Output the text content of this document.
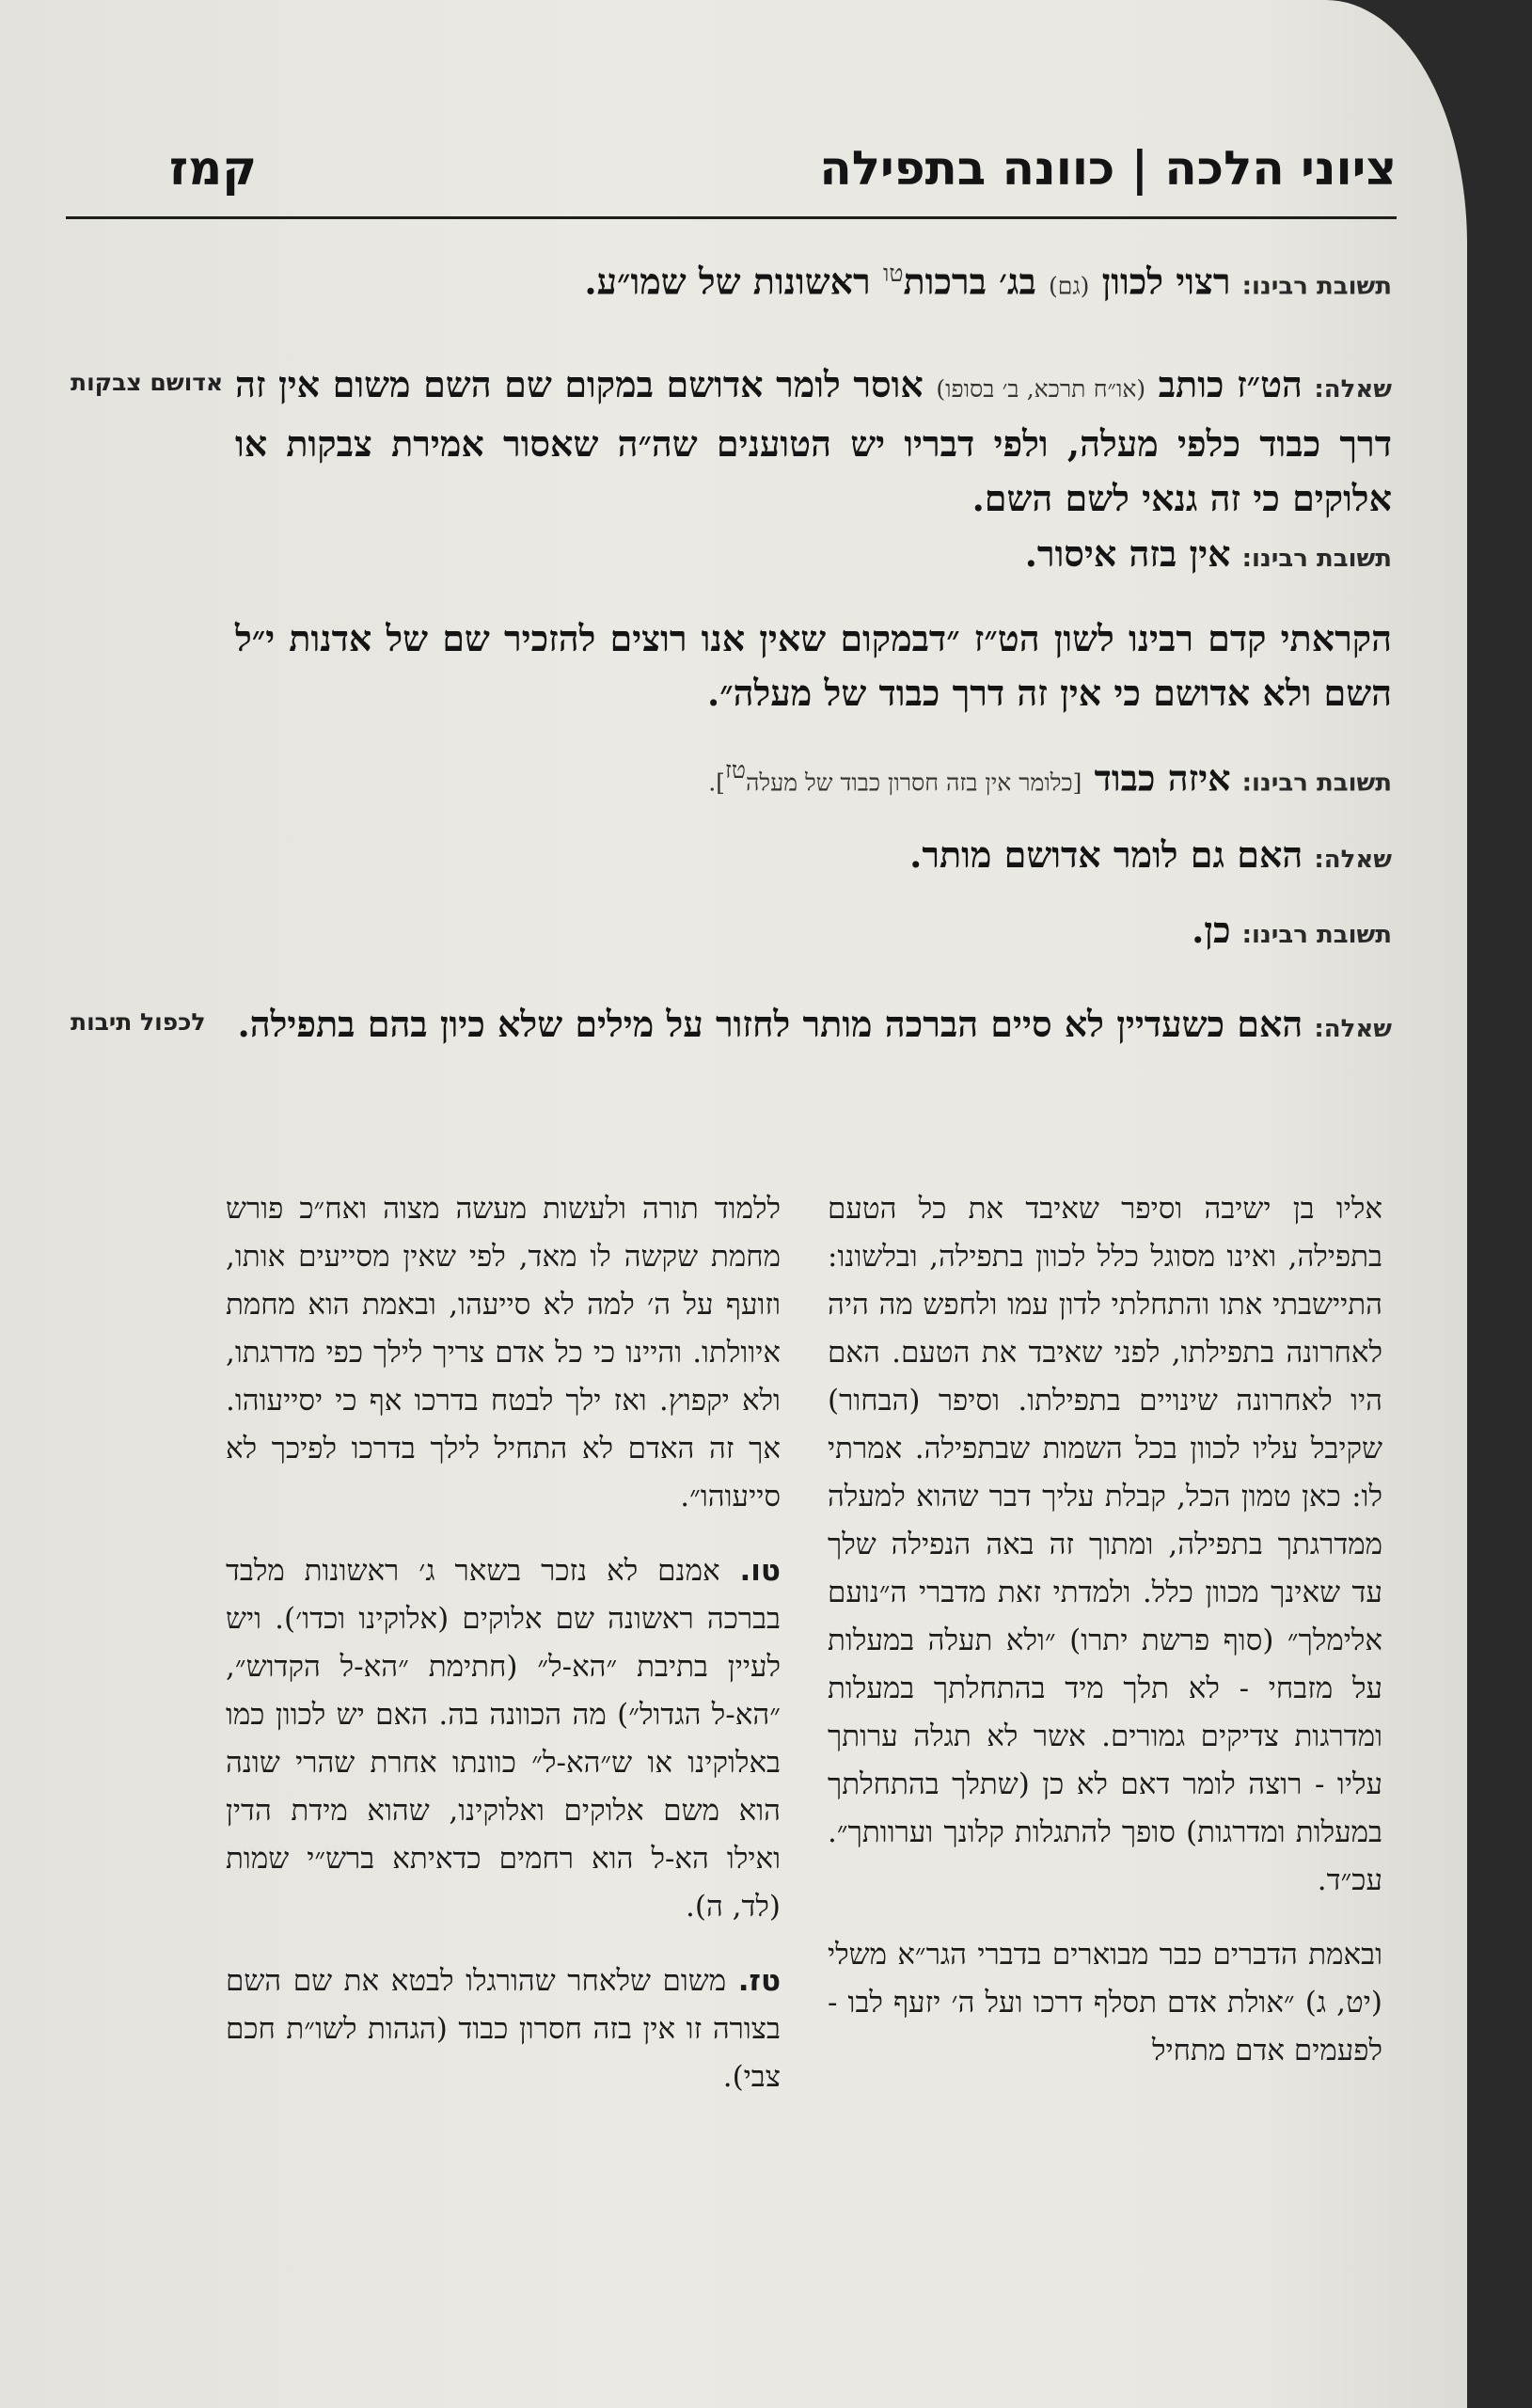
ציוני הלכה | כוונה בתפילה
קמז
תשובת רבינו: רצוי לכוון (גם) בג׳ ברכות$^{טו}$ ראשונות של שמו״ע.
שאלה: הט״ז כותב (או״ח תרכא, ב׳ בסופו) אוסר לומר אדושם במקום שם השם משום אין זה דרך כבוד כלפי מעלה, ולפי דבריו יש הטוענים שה״ה שאסור אמירת צבקות או אלוקים כי זה גנאי לשם השם.
אדושם צבקות
תשובת רבינו: אין בזה איסור.
הקראתי קדם רבינו לשון הט״ז ״דבמקום שאין אנו רוצים להזכיר שם של אדנות י״ל השם ולא אדושם כי אין זה דרך כבוד של מעלה״.
תשובת רבינו: איזה כבוד [כלומר אין בזה חסרון כבוד של מעלה$^{טז}$].
שאלה: האם גם לומר אדושם מותר.
תשובת רבינו: כן.
שאלה: האם כשעדיין לא סיים הברכה מותר לחזור על מילים שלא כיון בהם בתפילה.
לכפול תיבות

אליו בן ישיבה וסיפר שאיבד את כל הטעם בתפילה, ואינו מסוגל כלל לכוון בתפילה, ובלשונו: התיישבתי אתו והתחלתי לדון עמו ולחפש מה היה לאחרונה בתפילתו, לפני שאיבד את הטעם. האם היו לאחרונה שינויים בתפילתו. וסיפר (הבחור) שקיבל עליו לכוון בכל השמות שבתפילה. אמרתי לו: כאן טמון הכל, קבלת עליך דבר שהוא למעלה ממדרגתך בתפילה, ומתוך זה באה הנפילה שלך עד שאינך מכוון כלל. ולמדתי זאת מדברי ה״נועם אלימלך״ (סוף פרשת יתרו) ״ולא תעלה במעלות על מזבחי - לא תלך מיד בהתחלתך במעלות ומדרגות צדיקים גמורים. אשר לא תגלה ערותך עליו - רוצה לומר דאם לא כן (שתלך בהתחלתך במעלות ומדרגות) סופך להתגלות קלונך וערוותך״. עכ״ד.

ובאמת הדברים כבר מבוארים בדברי הגר״א משלי (יט, ג) ״אולת אדם תסלף דרכו ועל ה׳ יזעף לבו - לפעמים אדם מתחיל

ללמוד תורה ולעשות מעשה מצוה ואח״כ פורש מחמת שקשה לו מאד, לפי שאין מסייעים אותו, וזועף על ה׳ למה לא סייעהו, ובאמת הוא מחמת איוולתו. והיינו כי כל אדם צריך לילך כפי מדרגתו, ולא יקפוץ. ואז ילך לבטח בדרכו אף כי יסייעוהו. אך זה האדם לא התחיל לילך בדרכו לפיכך לא סייעוהו״.

טו. אמנם לא נזכר בשאר ג׳ ראשונות מלבד בברכה ראשונה שם אלוקים (אלוקינו וכדו׳). ויש לעיין בתיבת ״הא-ל״ (חתימת ״הא-ל הקדוש״, ״הא-ל הגדול״) מה הכוונה בה. האם יש לכוון כמו באלוקינו או ש״הא-ל״ כוונתו אחרת שהרי שונה הוא משם אלוקים ואלוקינו, שהוא מידת הדין ואילו הא-ל הוא רחמים כדאיתא ברש״י שמות (לד, ה).

טז. משום שלאחר שהורגלו לבטא את שם השם בצורה זו אין בזה חסרון כבוד (הגהות לשו״ת חכם צבי).
